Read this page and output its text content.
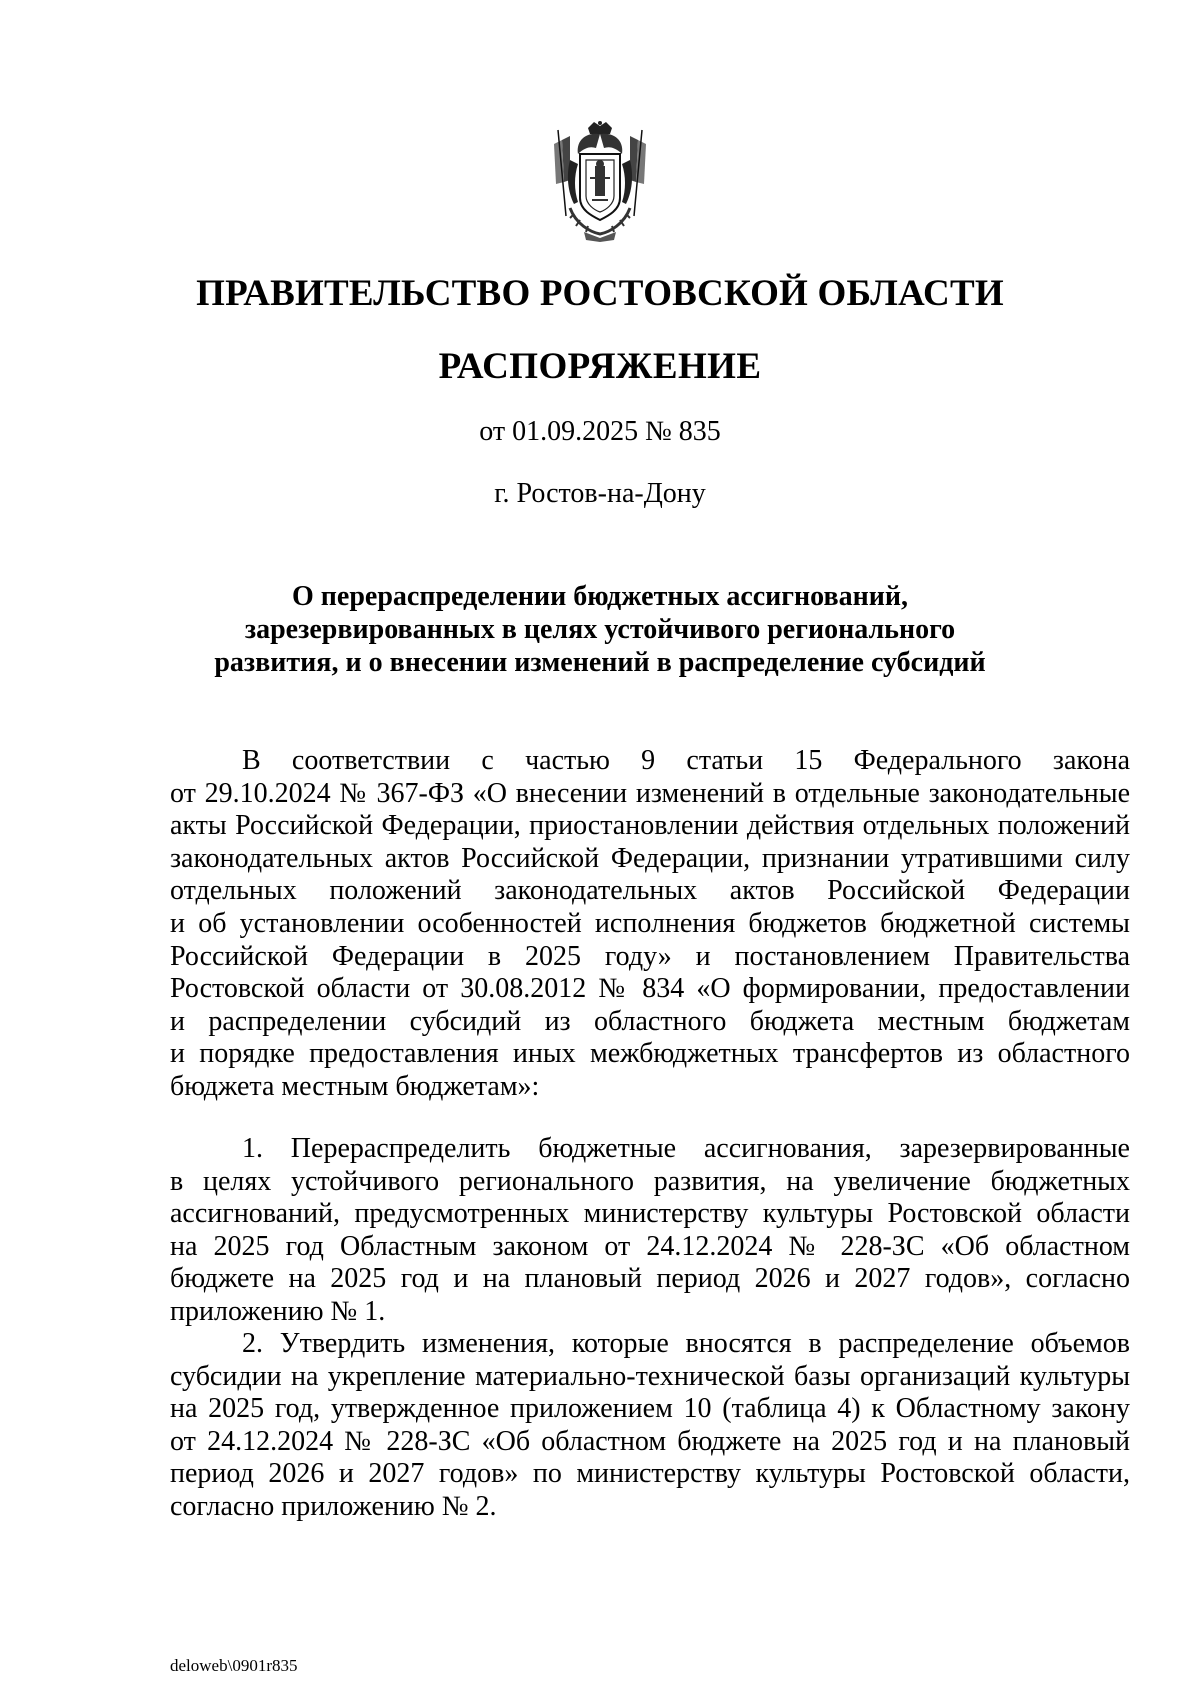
ПРАВИТЕЛЬСТВО РОСТОВСКОЙ ОБЛАСТИ
РАСПОРЯЖЕНИЕ
от 01.09.2025 № 835
г. Ростов-на-Дону
О перераспределении бюджетных ассигнований,
зарезервированных в целях устойчивого регионального
развития, и о внесении изменений в распределение субсидий
В соответствии с частью 9 статьи 15 Федерального закона
от 29.10.2024 № 367-ФЗ «О внесении изменений в отдельные законодательные
акты Российской Федерации, приостановлении действия отдельных положений
законодательных актов Российской Федерации, признании утратившими силу
отдельных положений законодательных актов Российской Федерации
и об установлении особенностей исполнения бюджетов бюджетной системы
Российской Федерации в 2025 году» и постановлением Правительства
Ростовской области от 30.08.2012 № 834 «О формировании, предоставлении
и распределении субсидий из областного бюджета местным бюджетам
и порядке предоставления иных межбюджетных трансфертов из областного
бюджета местным бюджетам»:
1. Перераспределить бюджетные ассигнования, зарезервированные
в целях устойчивого регионального развития, на увеличение бюджетных
ассигнований, предусмотренных министерству культуры Ростовской области
на 2025 год Областным законом от 24.12.2024 № 228-ЗС «Об областном
бюджете на 2025 год и на плановый период 2026 и 2027 годов», согласно
приложению № 1.
2. Утвердить изменения, которые вносятся в распределение объемов
субсидии на укрепление материально-технической базы организаций культуры
на 2025 год, утвержденное приложением 10 (таблица 4) к Областному закону
от 24.12.2024 № 228-ЗС «Об областном бюджете на 2025 год и на плановый
период 2026 и 2027 годов» по министерству культуры Ростовской области,
согласно приложению № 2.
deloweb\0901r835
